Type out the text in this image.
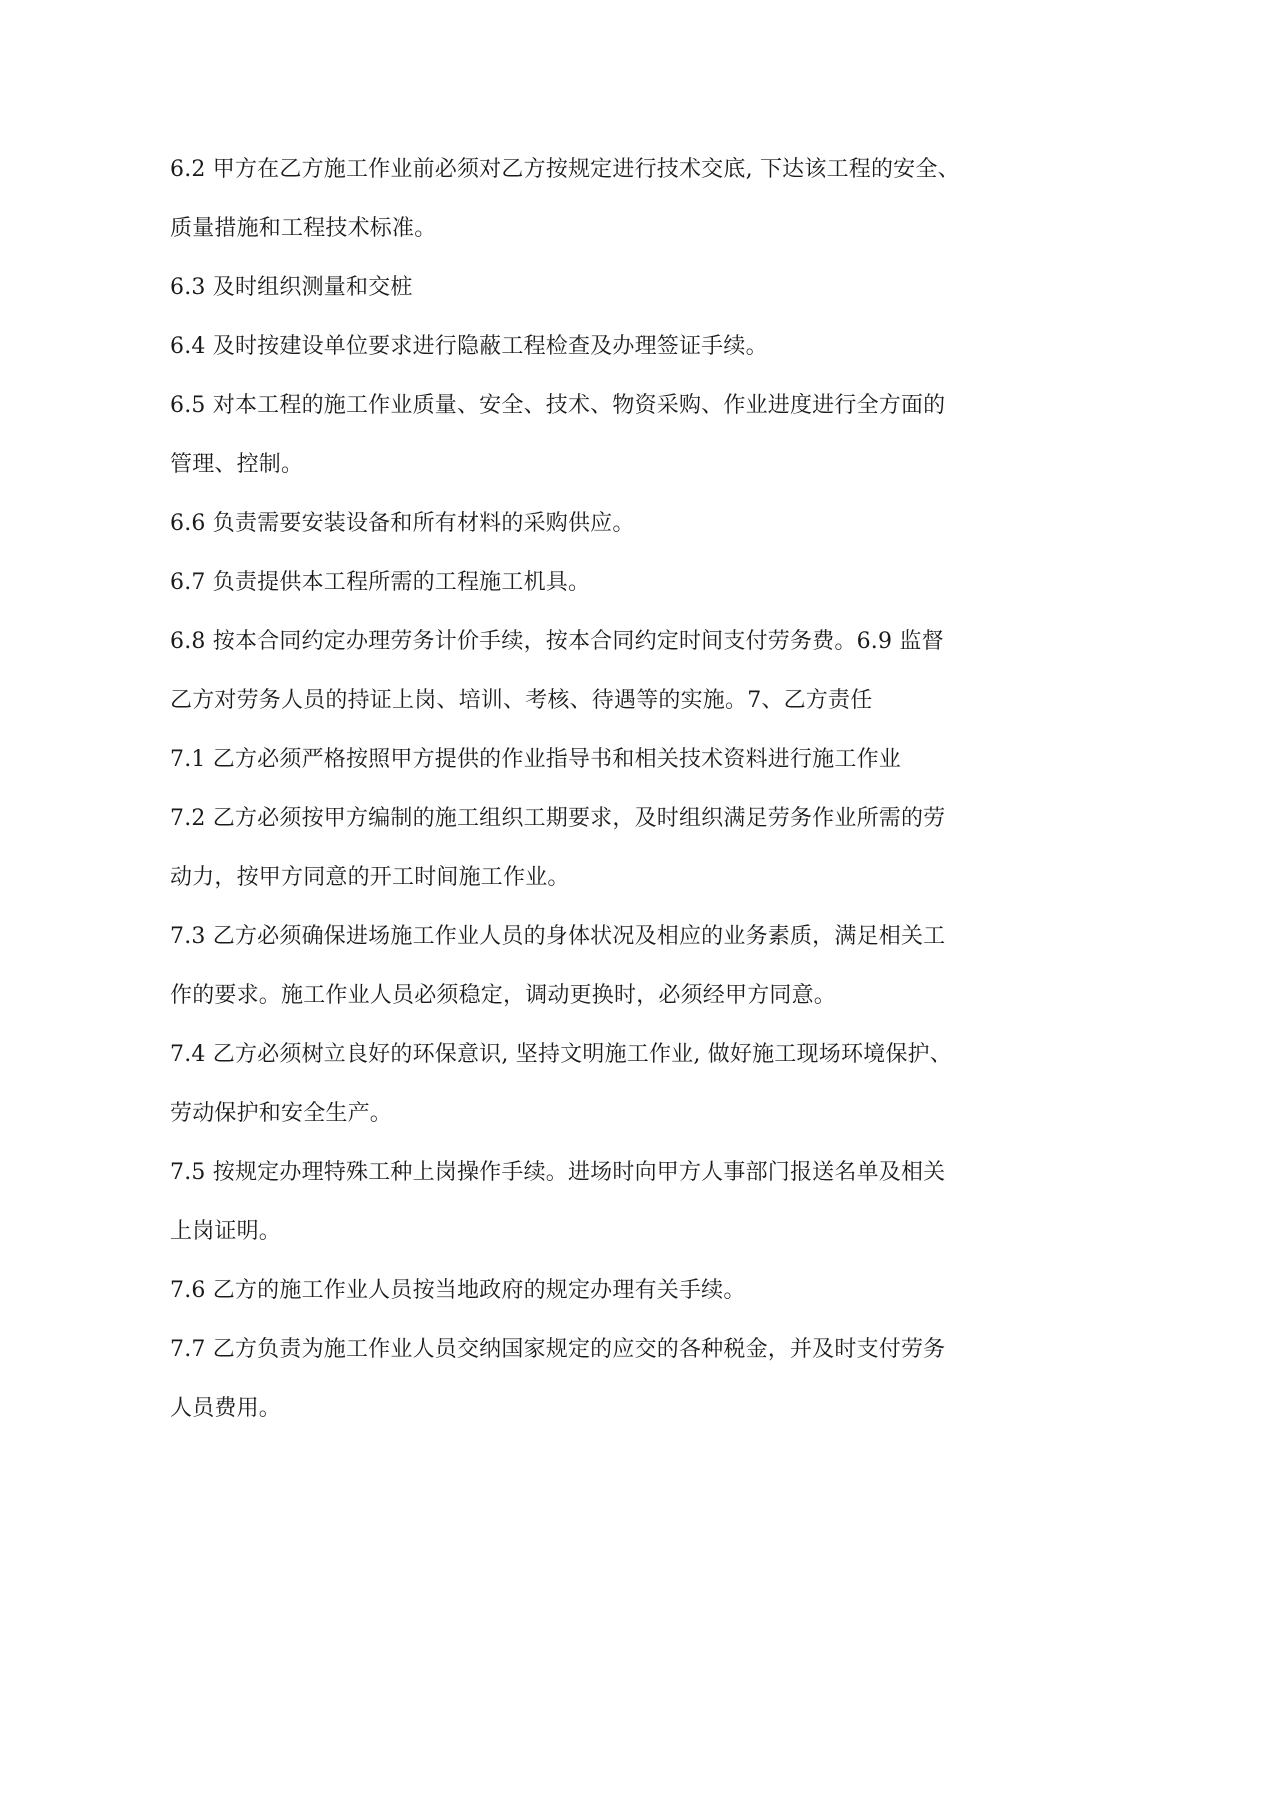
6.2 甲方在乙方施工作业前必须对乙方按规定进行技术交底, 下达该工程的安全、
质量措施和工程技术标准。
6.3 及时组织测量和交桩
6.4 及时按建设单位要求进行隐蔽工程检查及办理签证手续。
6.5 对本工程的施工作业质量、安全、技术、物资采购、作业进度进行全方面的
管理、控制。
6.6 负责需要安装设备和所有材料的采购供应。
6.7 负责提供本工程所需的工程施工机具。
6.8 按本合同约定办理劳务计价手续，按本合同约定时间支付劳务费。6.9 监督
乙方对劳务人员的持证上岗、培训、考核、待遇等的实施。7、乙方责任
7.1 乙方必须严格按照甲方提供的作业指导书和相关技术资料进行施工作业
7.2 乙方必须按甲方编制的施工组织工期要求，及时组织满足劳务作业所需的劳
动力，按甲方同意的开工时间施工作业。
7.3 乙方必须确保进场施工作业人员的身体状况及相应的业务素质，满足相关工
作的要求。施工作业人员必须稳定，调动更换时，必须经甲方同意。
7.4 乙方必须树立良好的环保意识, 坚持文明施工作业, 做好施工现场环境保护、
劳动保护和安全生产。
7.5 按规定办理特殊工种上岗操作手续。进场时向甲方人事部门报送名单及相关
上岗证明。
7.6 乙方的施工作业人员按当地政府的规定办理有关手续。
7.7 乙方负责为施工作业人员交纳国家规定的应交的各种税金，并及时支付劳务
人员费用。
